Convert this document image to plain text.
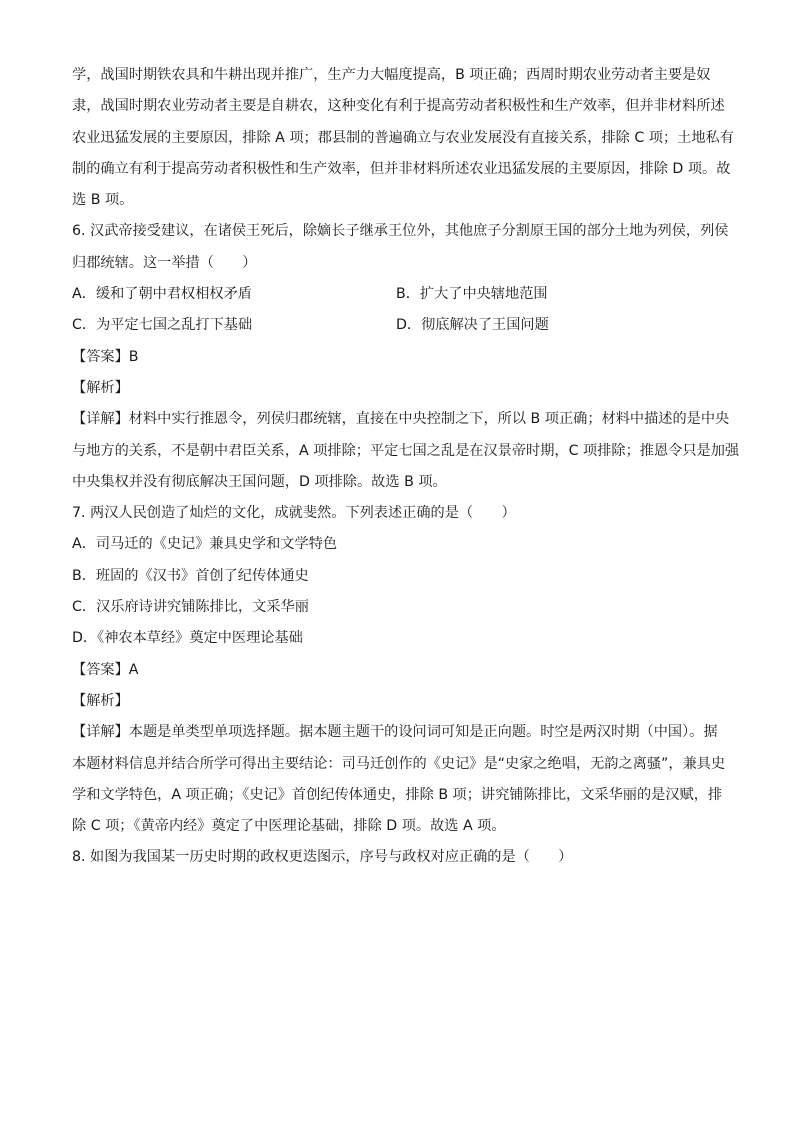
学，战国时期铁农具和牛耕出现并推广，生产力大幅度提高，B 项正确；西周时期农业劳动者主要是奴
隶，战国时期农业劳动者主要是自耕农，这种变化有利于提高劳动者积极性和生产效率，但并非材料所述
农业迅猛发展的主要原因，排除 A 项；郡县制的普遍确立与农业发展没有直接关系，排除 C 项；土地私有
制的确立有利于提高劳动者积极性和生产效率，但并非材料所述农业迅猛发展的主要原因，排除 D 项。故
选 B 项。
6. 汉武帝接受建议，在诸侯王死后，除嫡长子继承王位外，其他庶子分割原王国的部分土地为列侯，列侯
归郡统辖。这一举措（　　）
A．缓和了朝中君权相权矛盾	B．扩大了中央辖地范围
C．为平定七国之乱打下基础	D．彻底解决了王国问题
【答案】B
【解析】
【详解】材料中实行推恩令，列侯归郡统辖，直接在中央控制之下，所以 B 项正确；材料中描述的是中央
与地方的关系，不是朝中君臣关系，A 项排除；平定七国之乱是在汉景帝时期，C 项排除；推恩令只是加强
中央集权并没有彻底解决王国问题，D 项排除。故选 B 项。
7. 两汉人民创造了灿烂的文化，成就斐然。下列表述正确的是（　　）
A．司马迁的《史记》兼具史学和文学特色
B．班固的《汉书》首创了纪传体通史
C．汉乐府诗讲究铺陈排比，文采华丽
D．《神农本草经》奠定中医理论基础
【答案】A
【解析】
【详解】本题是单类型单项选择题。据本题主题干的设问词可知是正向题。时空是两汉时期（中国）。据
本题材料信息并结合所学可得出主要结论：司马迁创作的《史记》是“史家之绝唱，无韵之离骚”，兼具史
学和文学特色，A 项正确；《史记》首创纪传体通史，排除 B 项；讲究铺陈排比，文采华丽的是汉赋，排
除 C 项；《黄帝内经》奠定了中医理论基础，排除 D 项。故选 A 项。
8. 如图为我国某一历史时期的政权更迭图示，序号与政权对应正确的是（　　）
